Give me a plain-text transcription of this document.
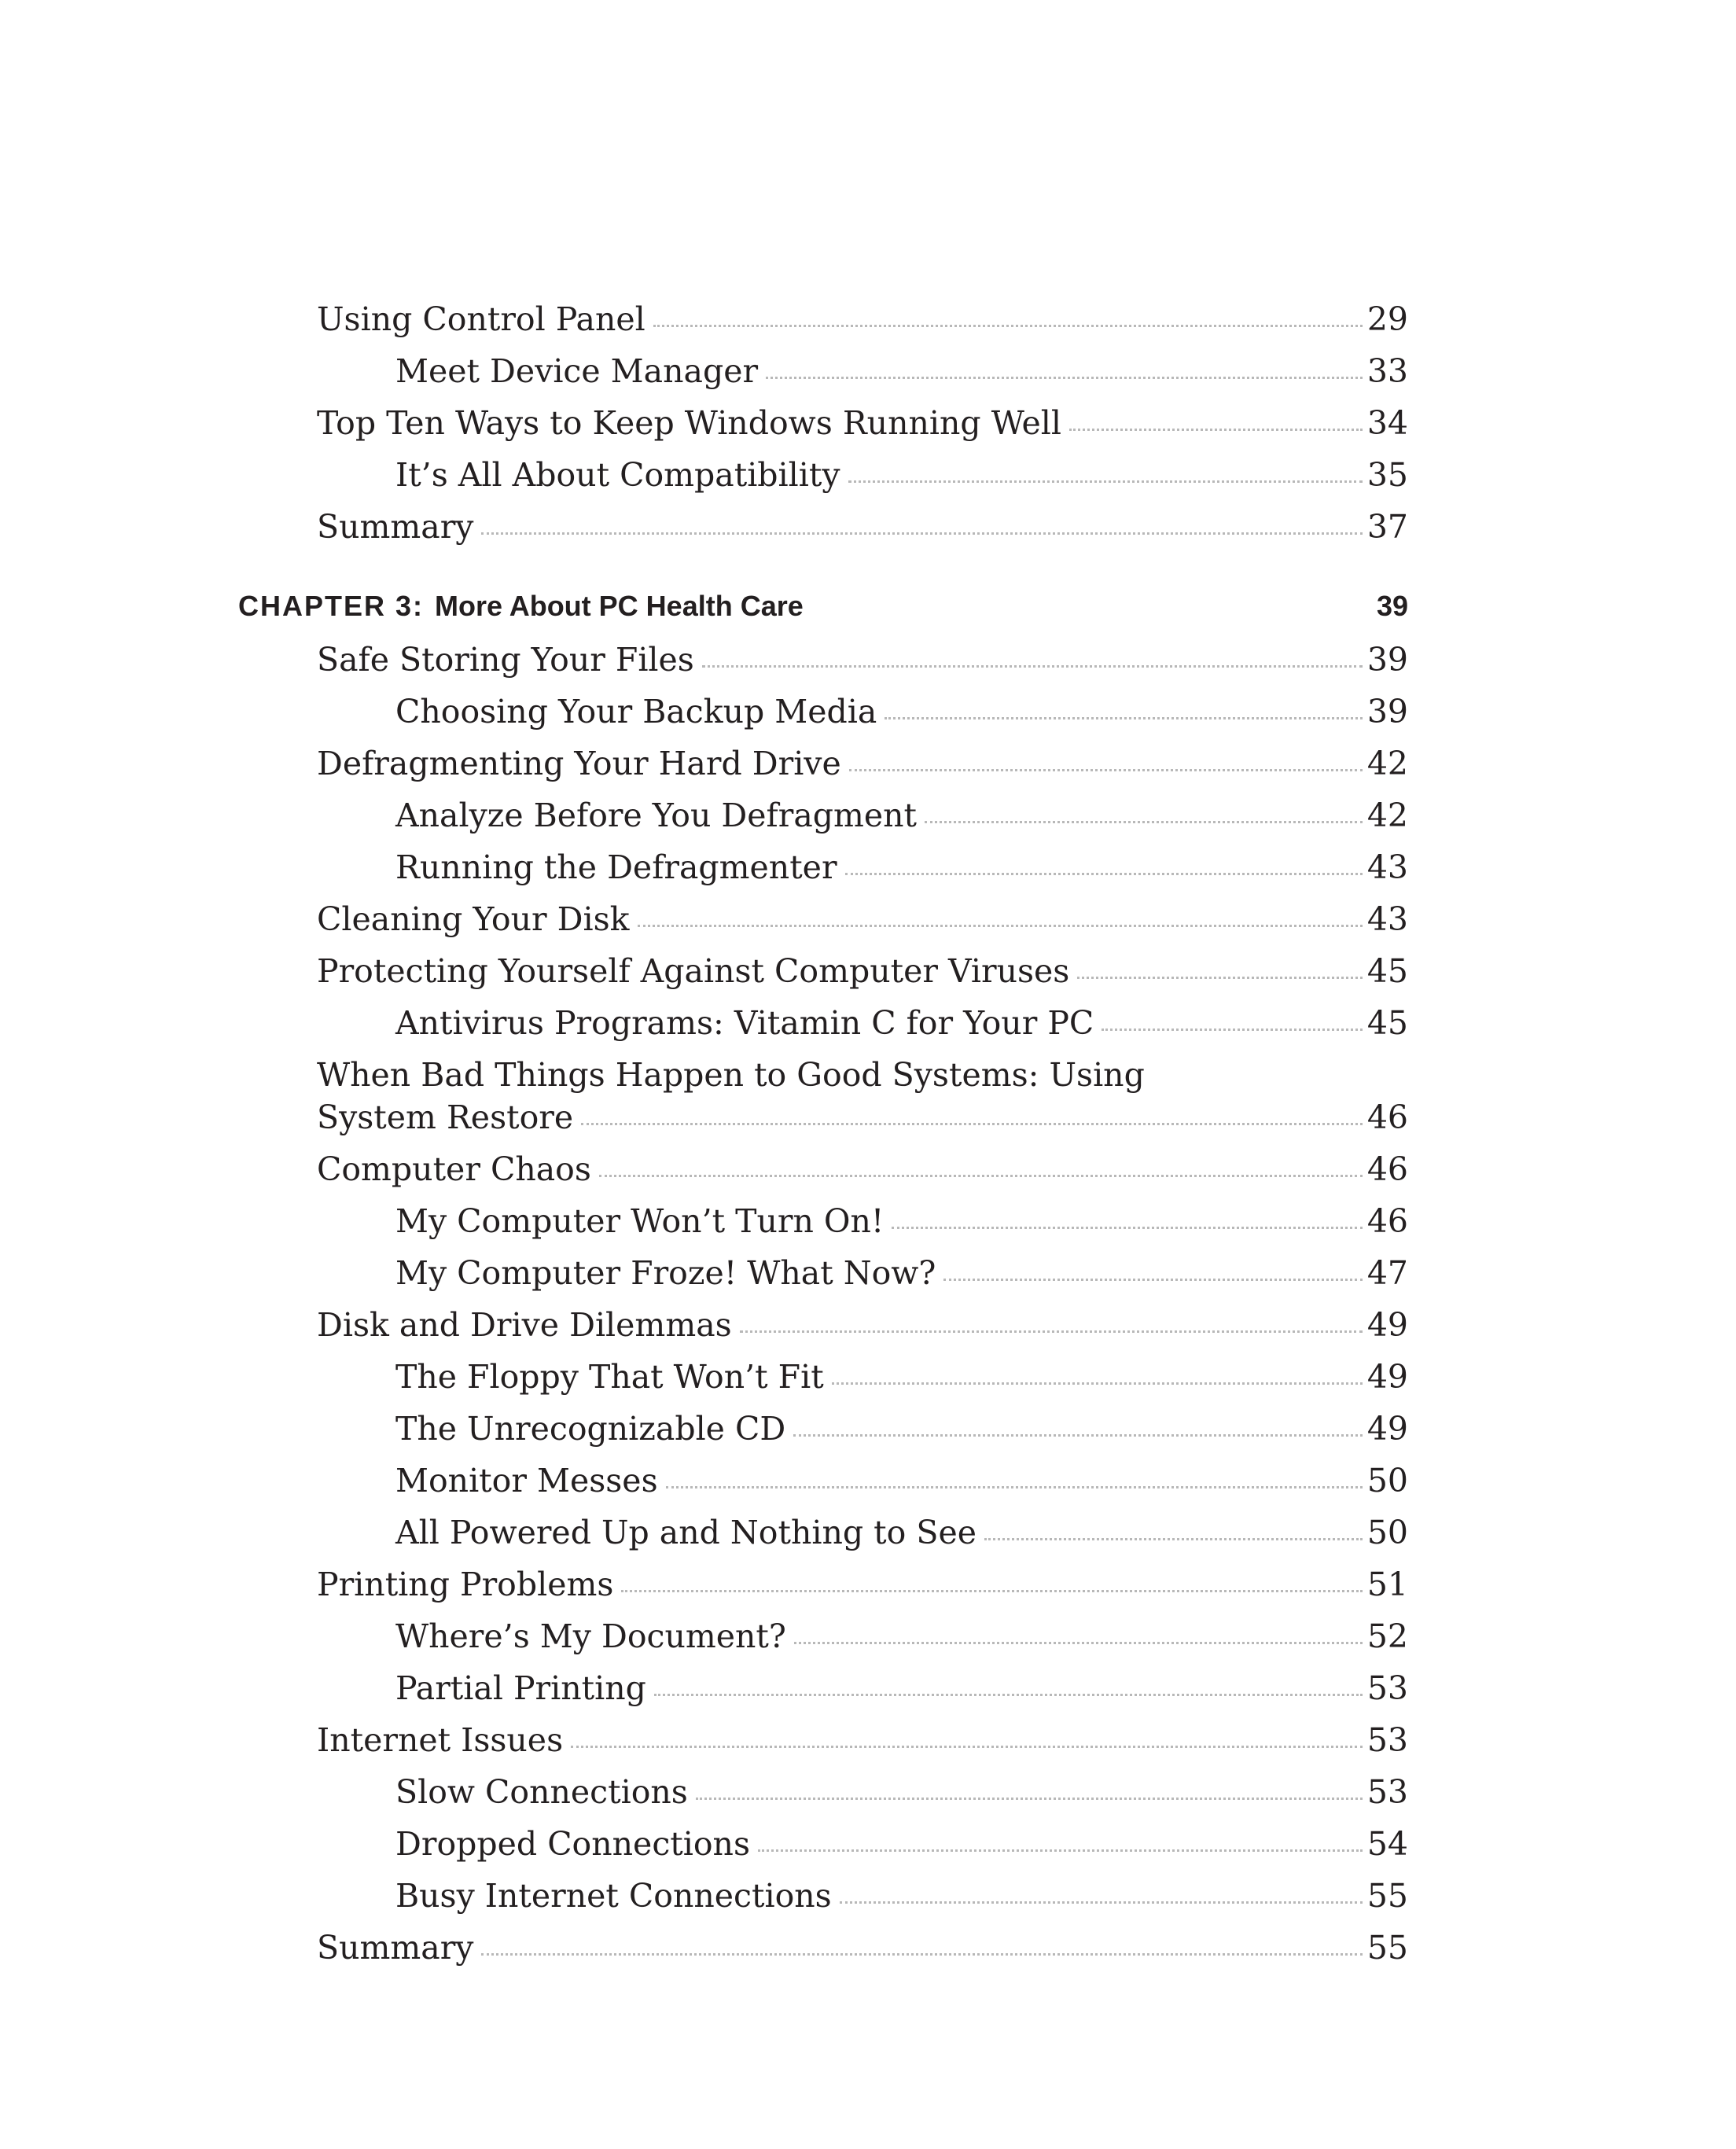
Using Control Panel	29
Meet Device Manager	33
Top Ten Ways to Keep Windows Running Well	34
It’s All About Compatibility	35
Summary	37
CHAPTER 3: More About PC Health Care	39
Safe Storing Your Files	39
Choosing Your Backup Media	39
Defragmenting Your Hard Drive	42
Analyze Before You Defragment	42
Running the Defragmenter	43
Cleaning Your Disk	43
Protecting Yourself Against Computer Viruses	45
Antivirus Programs: Vitamin C for Your PC	45
When Bad Things Happen to Good Systems: Using
System Restore	46
Computer Chaos	46
My Computer Won’t Turn On!	46
My Computer Froze! What Now?	47
Disk and Drive Dilemmas	49
The Floppy That Won’t Fit	49
The Unrecognizable CD	49
Monitor Messes	50
All Powered Up and Nothing to See	50
Printing Problems	51
Where’s My Document?	52
Partial Printing	53
Internet Issues	53
Slow Connections	53
Dropped Connections	54
Busy Internet Connections	55
Summary	55
